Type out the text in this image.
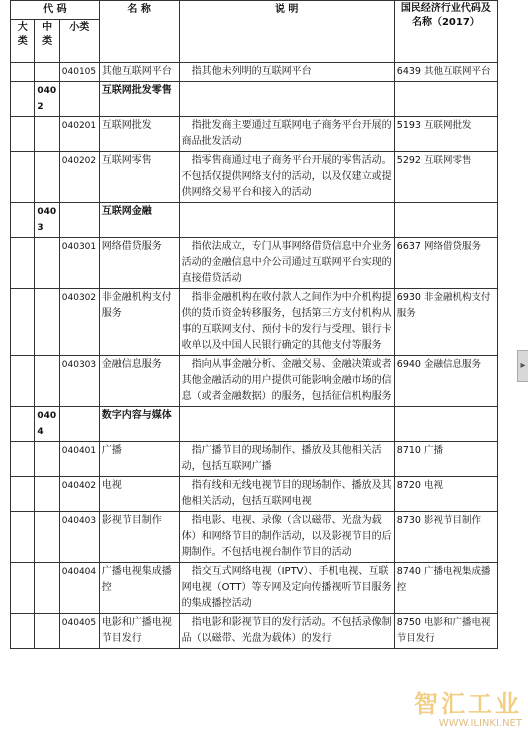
代 码			名 称	说 明	国民经济行业代码及名称（2017）
大类	中类	小类			
		040105	其他互联网平台	指其他未列明的互联网平台	6439 其他互联网平台
	0402		互联网批发零售		
		040201	互联网批发	指批发商主要通过互联网电子商务平台开展的商品批发活动	5193 互联网批发
		040202	互联网零售	指零售商通过电子商务平台开展的零售活动。不包括仅提供网络支付的活动，以及仅建立或提供网络交易平台和接入的活动	5292 互联网零售
	0403		互联网金融		
		040301	网络借贷服务	指依法成立，专门从事网络借贷信息中介业务活动的金融信息中介公司通过互联网平台实现的直接借贷活动	6637 网络借贷服务
		040302	非金融机构支付服务	指非金融机构在收付款人之间作为中介机构提供的货币资金转移服务，包括第三方支付机构从事的互联网支付、预付卡的发行与受理、银行卡收单以及中国人民银行确定的其他支付等服务	6930 非金融机构支付服务
		040303	金融信息服务	指向从事金融分析、金融交易、金融决策或者其他金融活动的用户提供可能影响金融市场的信息（或者金融数据）的服务，包括征信机构服务	6940 金融信息服务
	0404		数字内容与媒体		
		040401	广播	指广播节目的现场制作、播放及其他相关活动，包括互联网广播	8710 广播
		040402	电视	指有线和无线电视节目的现场制作、播放及其他相关活动，包括互联网电视	8720 电视
		040403	影视节目制作	指电影、电视、录像（含以磁带、光盘为载体）和网络节目的制作活动，以及影视节目的后期制作。不包括电视台制作节目的活动	8730 影视节目制作
		040404	广播电视集成播控	指交互式网络电视（IPTV）、手机电视、互联网电视（OTT）等专网及定向传播视听节目服务的集成播控活动	8740 广播电视集成播控
		040405	电影和广播电视节目发行	指电影和影视节目的发行活动。不包括录像制品（以磁带、光盘为载体）的发行	8750 电影和广播电视节目发行
▸
智汇工业
WWW.ILINKI.NET
